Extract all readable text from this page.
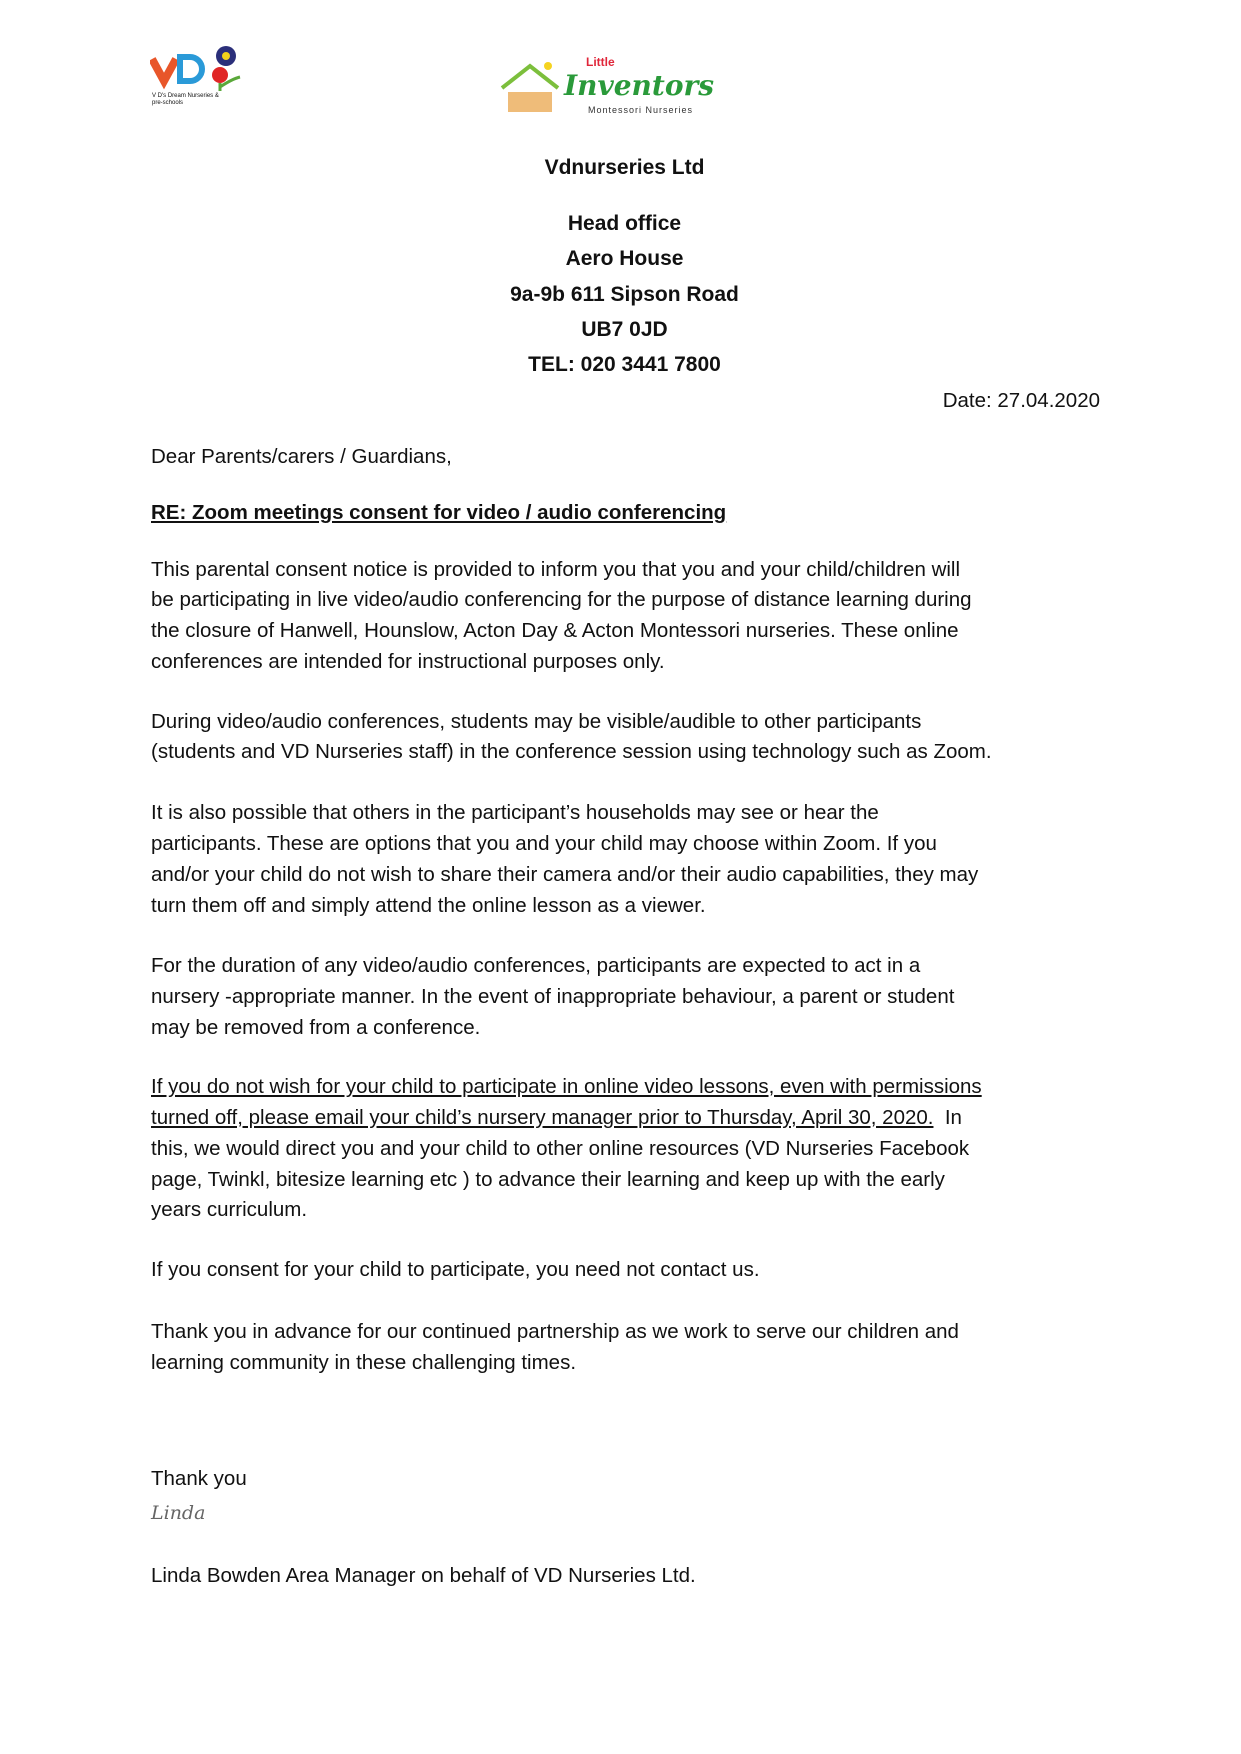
V D's Dream Nurseries & pre-schools
Little
Inventors
Montessori Nurseries
Vdnurseries Ltd
Head office
Aero House
9a-9b 611 Sipson Road
UB7 0JD
TEL: 020 3441 7800
Date: 27.04.2020
Dear Parents/carers / Guardians,
RE: Zoom meetings consent for video / audio conferencing
This parental consent notice is provided to inform you that you and your child/children will
be participating in live video/audio conferencing for the purpose of distance learning during
the closure of Hanwell, Hounslow, Acton Day & Acton Montessori nurseries. These online
conferences are intended for instructional purposes only.
During video/audio conferences, students may be visible/audible to other participants
(students and VD Nurseries staff) in the conference session using technology such as Zoom.
It is also possible that others in the participant’s households may see or hear the
participants. These are options that you and your child may choose within Zoom. If you
and/or your child do not wish to share their camera and/or their audio capabilities, they may
turn them off and simply attend the online lesson as a viewer.
For the duration of any video/audio conferences, participants are expected to act in a
nursery -appropriate manner. In the event of inappropriate behaviour, a parent or student
may be removed from a conference.
If you do not wish for your child to participate in online video lessons, even with permissions
turned off, please email your child’s nursery manager prior to Thursday, April 30, 2020.  In
this, we would direct you and your child to other online resources (VD Nurseries Facebook
page, Twinkl, bitesize learning etc ) to advance their learning and keep up with the early
years curriculum.
If you consent for your child to participate, you need not contact us.
Thank you in advance for our continued partnership as we work to serve our children and
learning community in these challenging times.
Thank you
Linda
Linda Bowden Area Manager on behalf of VD Nurseries Ltd.
